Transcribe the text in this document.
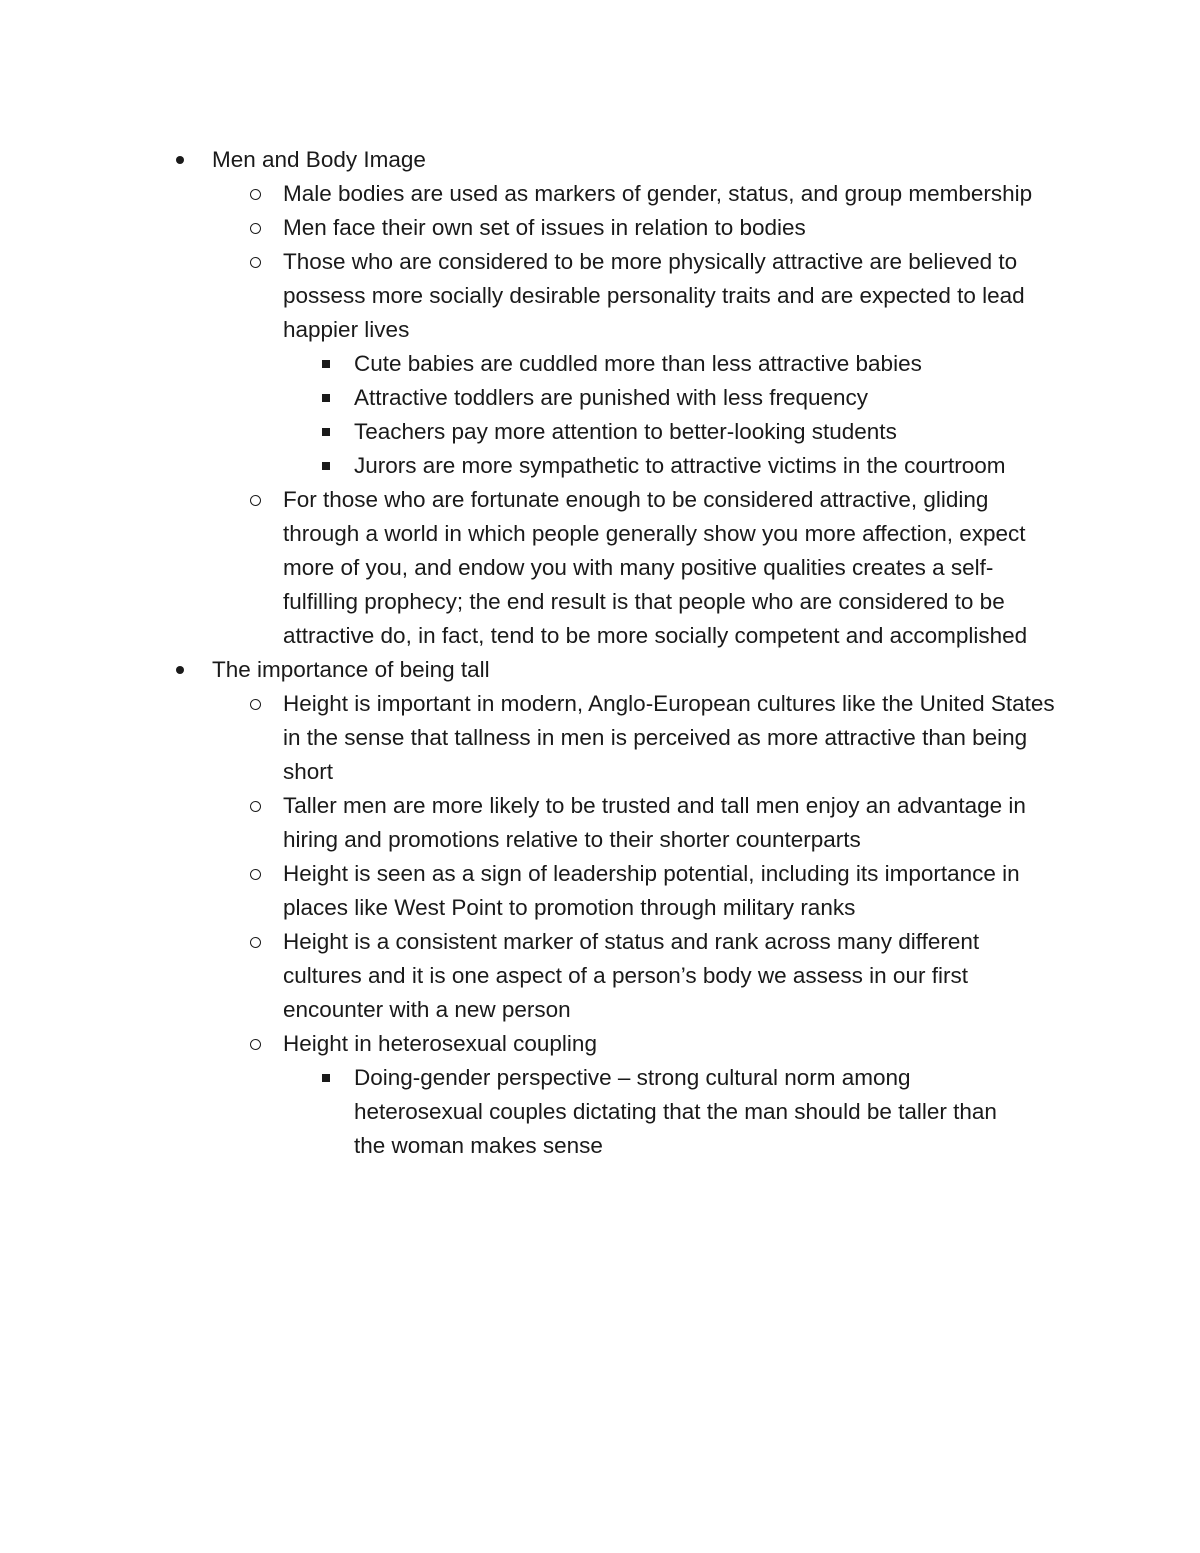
Men and Body Image
Male bodies are used as markers of gender, status, and group membership
Men face their own set of issues in relation to bodies
Those who are considered to be more physically attractive are believed to possess more socially desirable personality traits and are expected to lead happier lives
Cute babies are cuddled more than less attractive babies
Attractive toddlers are punished with less frequency
Teachers pay more attention to better-looking students
Jurors are more sympathetic to attractive victims in the courtroom
For those who are fortunate enough to be considered attractive, gliding through a world in which people generally show you more affection, expect more of you, and endow you with many positive qualities creates a self-fulfilling prophecy; the end result is that people who are considered to be attractive do, in fact, tend to be more socially competent and accomplished
The importance of being tall
Height is important in modern, Anglo-European cultures like the United States in the sense that tallness in men is perceived as more attractive than being short
Taller men are more likely to be trusted and tall men enjoy an advantage in hiring and promotions relative to their shorter counterparts
Height is seen as a sign of leadership potential, including its importance in places like West Point to promotion through military ranks
Height is a consistent marker of status and rank across many different cultures and it is one aspect of a person’s body we assess in our first encounter with a new person
Height in heterosexual coupling
Doing-gender perspective – strong cultural norm among heterosexual couples dictating that the man should be taller than the woman makes sense
